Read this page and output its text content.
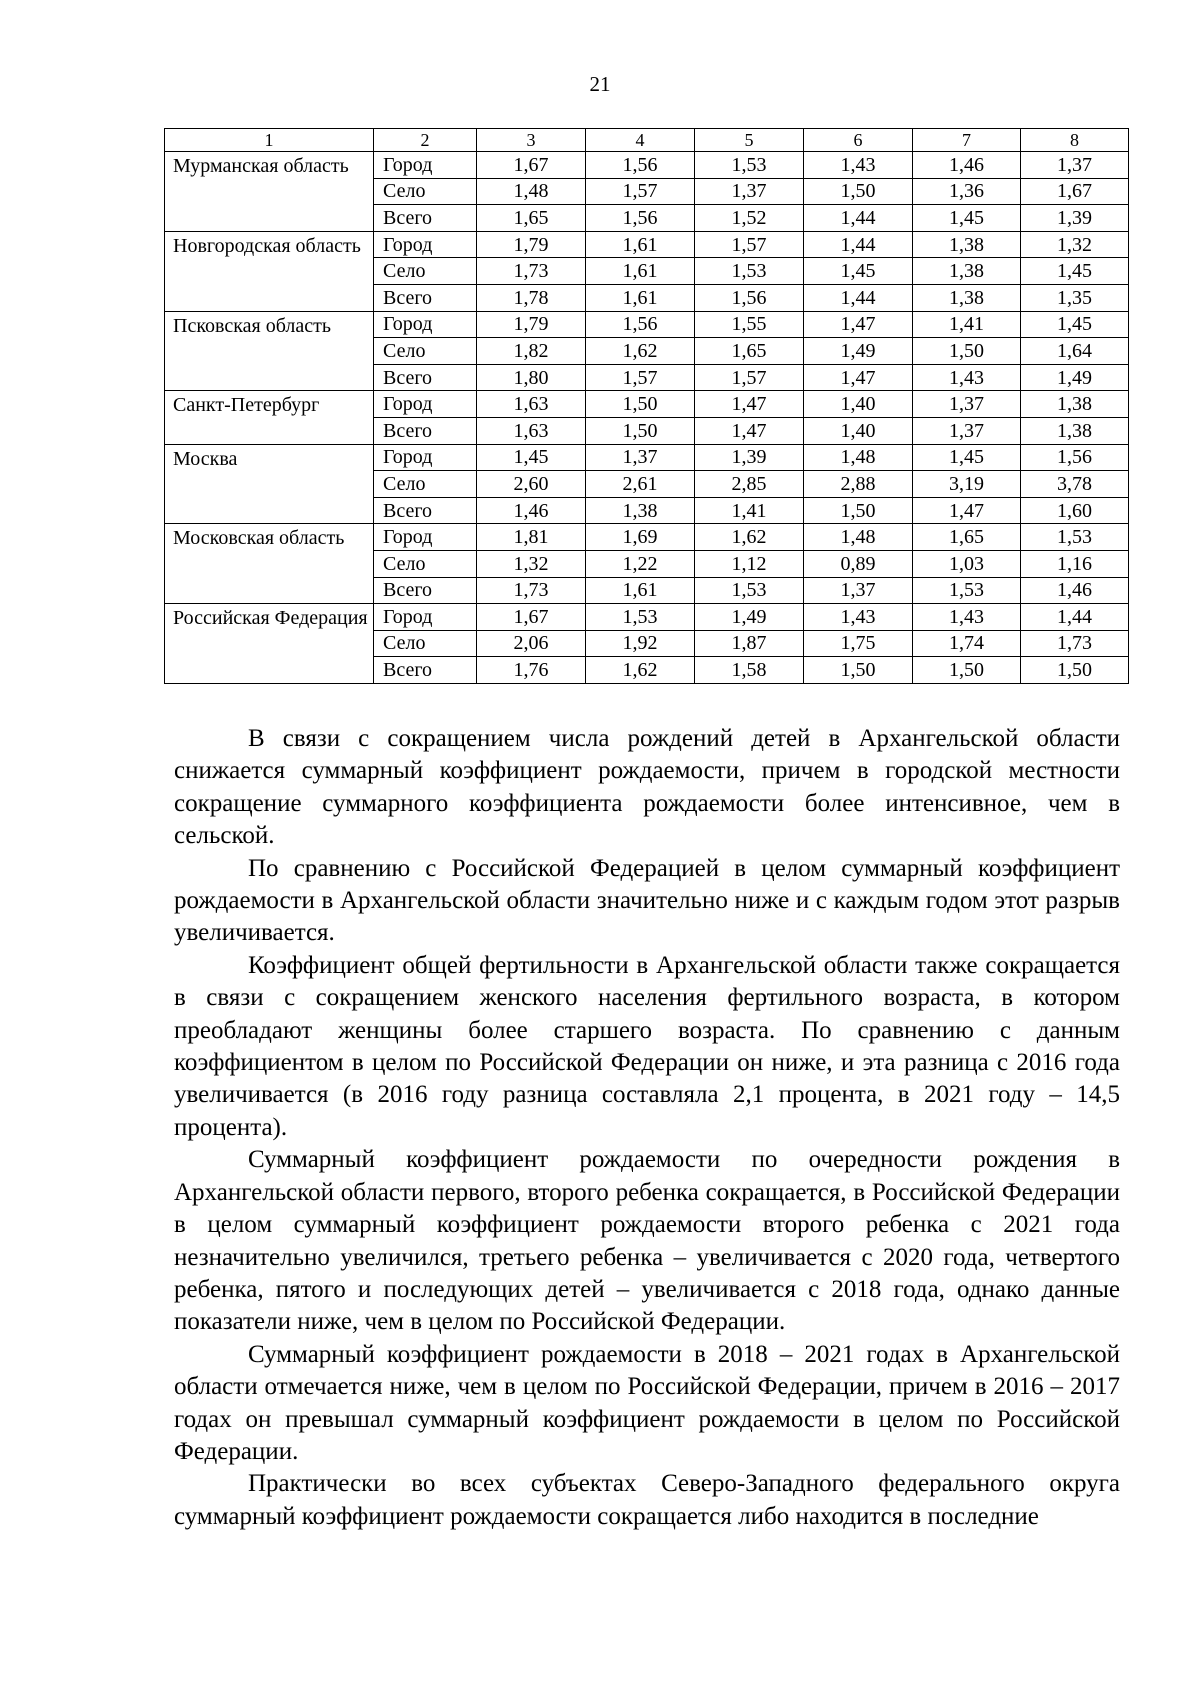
21
1	2	3	4	5	6	7	8
Мурманская область	Город	1,67	1,56	1,53	1,43	1,46	1,37
	Село	1,48	1,57	1,37	1,50	1,36	1,67
	Всего	1,65	1,56	1,52	1,44	1,45	1,39
Новгородская область	Город	1,79	1,61	1,57	1,44	1,38	1,32
	Село	1,73	1,61	1,53	1,45	1,38	1,45
	Всего	1,78	1,61	1,56	1,44	1,38	1,35
Псковская область	Город	1,79	1,56	1,55	1,47	1,41	1,45
	Село	1,82	1,62	1,65	1,49	1,50	1,64
	Всего	1,80	1,57	1,57	1,47	1,43	1,49
Санкт-Петербург	Город	1,63	1,50	1,47	1,40	1,37	1,38
	Всего	1,63	1,50	1,47	1,40	1,37	1,38
Москва	Город	1,45	1,37	1,39	1,48	1,45	1,56
	Село	2,60	2,61	2,85	2,88	3,19	3,78
	Всего	1,46	1,38	1,41	1,50	1,47	1,60
Московская область	Город	1,81	1,69	1,62	1,48	1,65	1,53
	Село	1,32	1,22	1,12	0,89	1,03	1,16
	Всего	1,73	1,61	1,53	1,37	1,53	1,46
Российская Федерация	Город	1,67	1,53	1,49	1,43	1,43	1,44
	Село	2,06	1,92	1,87	1,75	1,74	1,73
	Всего	1,76	1,62	1,58	1,50	1,50	1,50

В связи с сокращением числа рождений детей в Архангельской области снижается суммарный коэффициент рождаемости, причем в городской местности сокращение суммарного коэффициента рождаемости более интенсивное, чем в сельской.

По сравнению с Российской Федерацией в целом суммарный коэффициент рождаемости в Архангельской области значительно ниже и с каждым годом этот разрыв увеличивается.

Коэффициент общей фертильности в Архангельской области также сокращается в связи с сокращением женского населения фертильного возраста, в котором преобладают женщины более старшего возраста. По сравнению с данным коэффициентом в целом по Российской Федерации он ниже, и эта разница с 2016 года увеличивается (в 2016 году разница составляла 2,1 процента, в 2021 году – 14,5 процента).

Суммарный коэффициент рождаемости по очередности рождения в Архангельской области первого, второго ребенка сокращается, в Российской Федерации в целом суммарный коэффициент рождаемости второго ребенка с 2021 года незначительно увеличился, третьего ребенка – увеличивается с 2020 года, четвертого ребенка, пятого и последующих детей – увеличивается с 2018 года, однако данные показатели ниже, чем в целом по Российской Федерации.

Суммарный коэффициент рождаемости в 2018 – 2021 годах в Архангельской области отмечается ниже, чем в целом по Российской Федерации, причем в 2016 – 2017 годах он превышал суммарный коэффициент рождаемости в целом по Российской Федерации.

Практически во всех субъектах Северо-Западного федерального округа суммарный коэффициент рождаемости сокращается либо находится в последние
